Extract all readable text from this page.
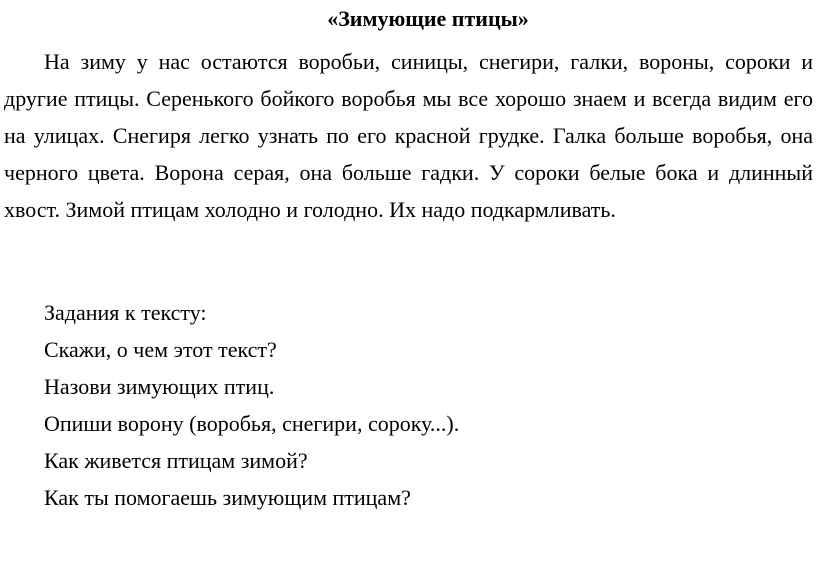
«Зимующие птицы»

На зиму у нас остаются воробьи, синицы, снегири, галки, вороны, сороки и другие птицы. Серенького бойкого воробья мы все хорошо знаем и всегда видим его на улицах. Снегиря легко узнать по его красной грудке. Галка больше воробья, она черного цвета. Ворона серая, она больше гадки. У сороки белые бока и длинный хвост. Зимой птицам холодно и голодно. Их надо подкармливать.

Задания к тексту:
Скажи, о чем этот текст?
Назови зимующих птиц.
Опиши ворону (воробья, снегири, сороку...).
Как живется птицам зимой?
Как ты помогаешь зимующим птицам?
